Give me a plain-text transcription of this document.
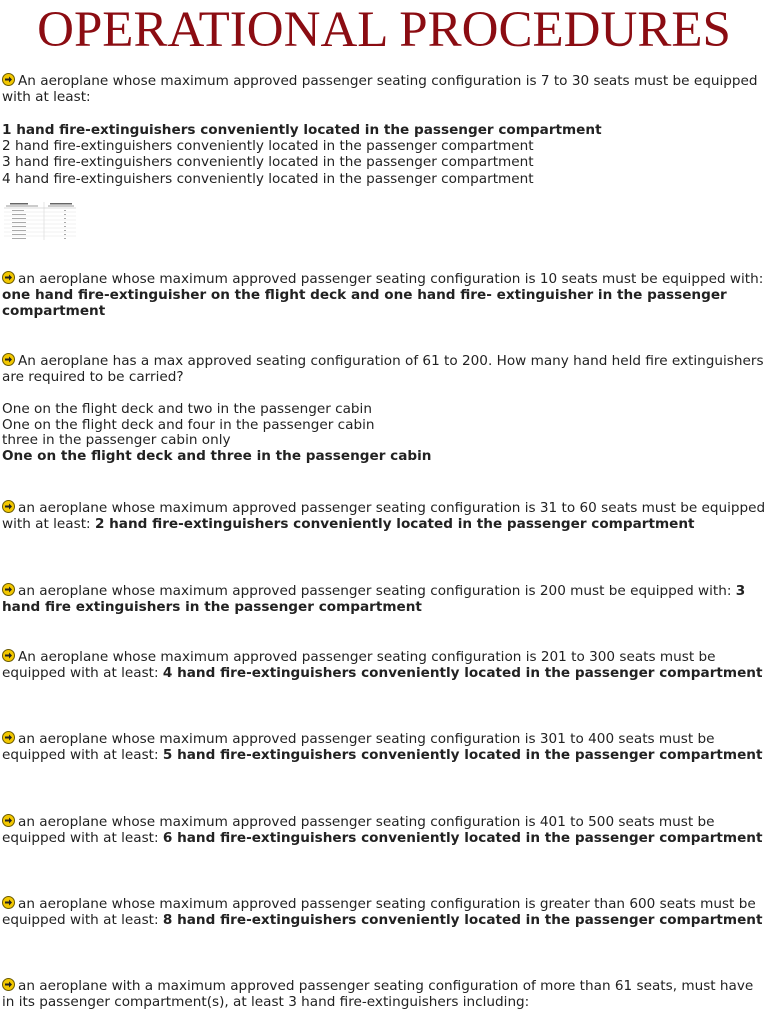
OPERATIONAL PROCEDURES
An aeroplane whose maximum approved passenger seating configuration is 7 to 30 seats must be equipped with at least:
1 hand fire-extinguishers conveniently located in the passenger compartment
2 hand fire-extinguishers conveniently located in the passenger compartment
3 hand fire-extinguishers conveniently located in the passenger compartment
4 hand fire-extinguishers conveniently located in the passenger compartment
an aeroplane whose maximum approved passenger seating configuration is 10 seats must be equipped with: one hand fire-extinguisher on the flight deck and one hand fire- extinguisher in the passenger compartment
An aeroplane has a max approved seating configuration of 61 to 200. How many hand held fire extinguishers are required to be carried?
One on the flight deck and two in the passenger cabin
One on the flight deck and four in the passenger cabin
three in the passenger cabin only
One on the flight deck and three in the passenger cabin
an aeroplane whose maximum approved passenger seating configuration is 31 to 60 seats must be equipped with at least: 2 hand fire-extinguishers conveniently located in the passenger compartment
an aeroplane whose maximum approved passenger seating configuration is 200 must be equipped with: 3 hand fire extinguishers in the passenger compartment
An aeroplane whose maximum approved passenger seating configuration is 201 to 300 seats must be equipped with at least: 4 hand fire-extinguishers conveniently located in the passenger compartment
an aeroplane whose maximum approved passenger seating configuration is 301 to 400 seats must be equipped with at least: 5 hand fire-extinguishers conveniently located in the passenger compartment
an aeroplane whose maximum approved passenger seating configuration is 401 to 500 seats must be equipped with at least: 6 hand fire-extinguishers conveniently located in the passenger compartment
an aeroplane whose maximum approved passenger seating configuration is greater than 600 seats must be equipped with at least: 8 hand fire-extinguishers conveniently located in the passenger compartment
an aeroplane with a maximum approved passenger seating configuration of more than 61 seats, must have in its passenger compartment(s), at least 3 hand fire-extinguishers including:
